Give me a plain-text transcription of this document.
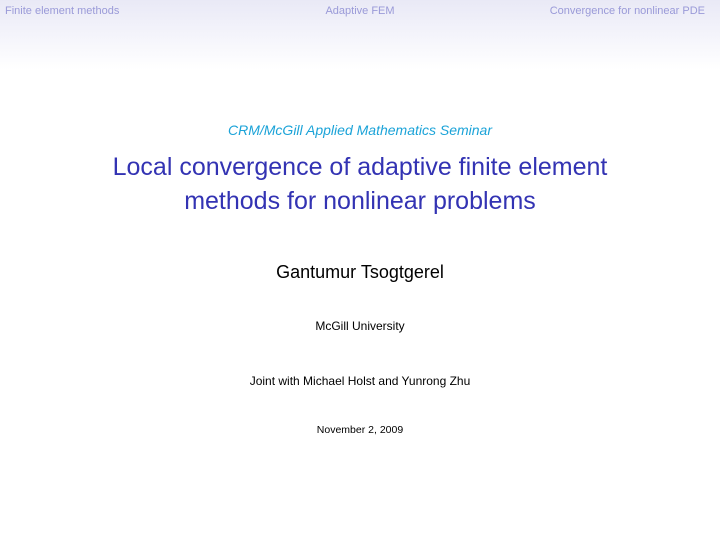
Finite element methods	Adaptive FEM	Convergence for nonlinear PDE
CRM/McGill Applied Mathematics Seminar
Local convergence of adaptive finite element
methods for nonlinear problems
Gantumur Tsogtgerel
McGill University
Joint with Michael Holst and Yunrong Zhu
November 2, 2009
